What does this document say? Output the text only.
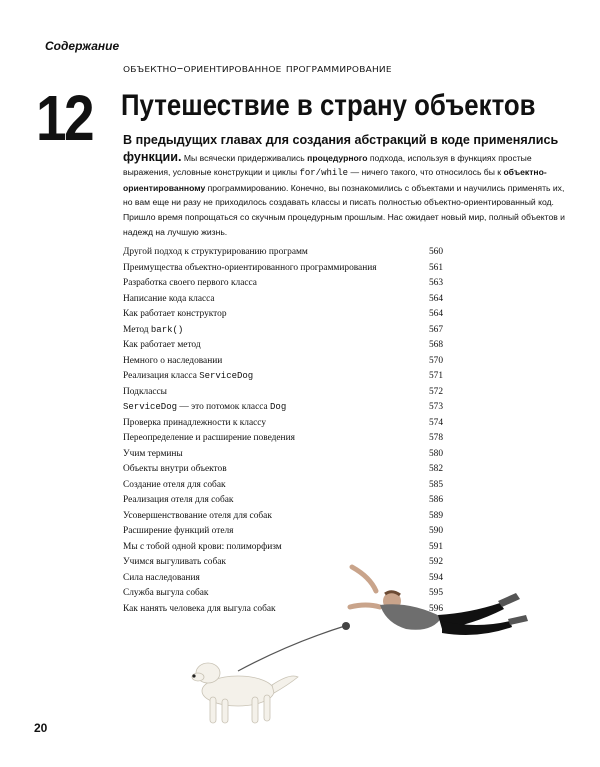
Содержание
объектно–ориентированное программирование
12 Путешествие в страну объектов
В предыдущих главах для создания абстракций в коде применялись функции. Мы всячески придерживались процедурного подхода, используя в функциях простые выражения, условные конструкции и циклы for/while — ничего такого, что относилось бы к объектно-ориентированному программированию. Конечно, вы познакомились с объектами и научились применять их, но вам еще ни разу не приходилось создавать классы и писать полностью объектно-ориентированный код. Пришло время попрощаться со скучным процедурным прошлым. Нас ожидает новый мир, полный объектов и надежд на лучшую жизнь.
Другой подход к структурированию программ	560
Преимущества объектно-ориентированного программирования	561
Разработка своего первого класса	563
Написание кода класса	564
Как работает конструктор	564
Метод bark()	567
Как работает метод	568
Немного о наследовании	570
Реализация класса ServiceDog	571
Подклассы	572
ServiceDog — это потомок класса Dog	573
Проверка принадлежности к классу	574
Переопределение и расширение поведения	578
Учим термины	580
Объекты внутри объектов	582
Создание отеля для собак	585
Реализация отеля для собак	586
Усовершенствование отеля для собак	589
Расширение функций отеля	590
Мы с тобой одной крови: полиморфизм	591
Учимся выгуливать собак	592
Сила наследования	594
Служба выгула собак	595
Как нанять человека для выгула собак	596
20
